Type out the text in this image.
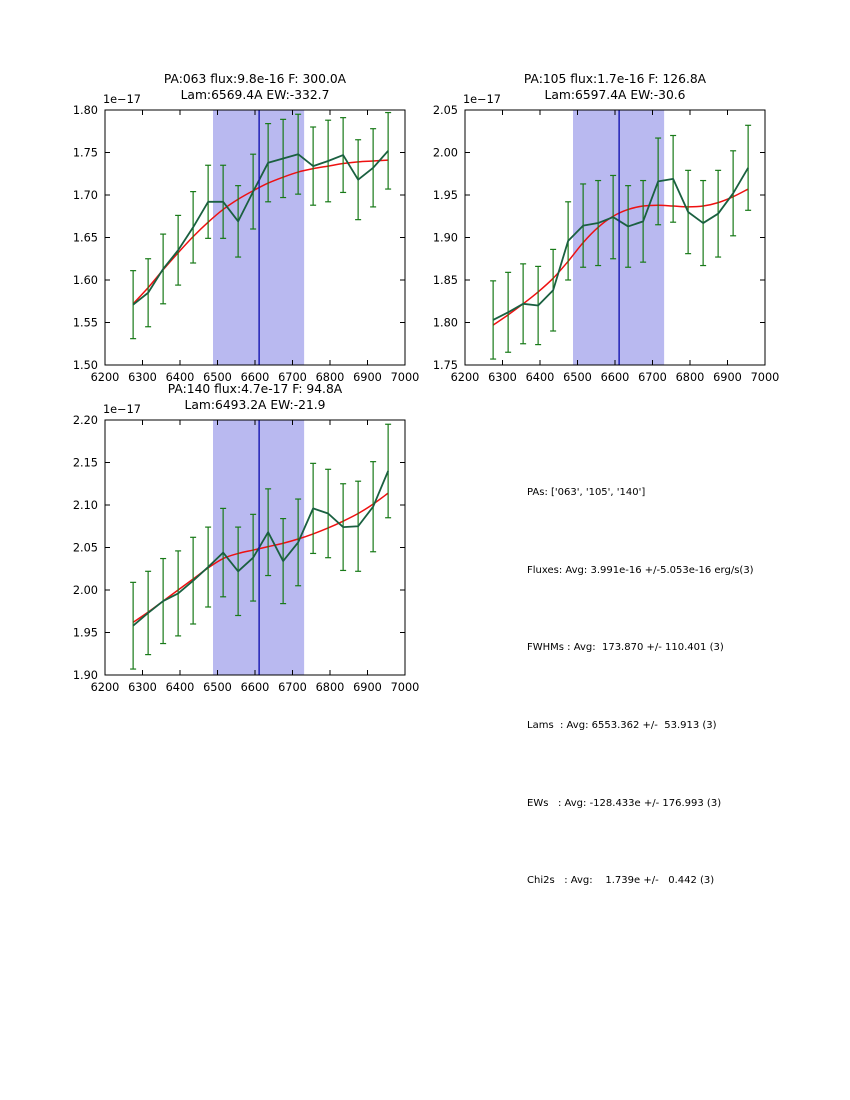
6200 6300 6400 6500 6600 6700 6800 6900 7000
1.50
1.55
1.60
1.65
1.70
1.75
1.80
PA:063 flux:9.8e-16 F: 300.0A
Lam:6569.4A EW:-332.7
1e−17
6200 6300 6400 6500 6600 6700 6800 6900 7000
1.75
1.80
1.85
1.90
1.95
2.00
2.05
PA:105 flux:1.7e-16 F: 126.8A
Lam:6597.4A EW:-30.6
1e−17
6200 6300 6400 6500 6600 6700 6800 6900 7000
1.90
1.95
2.00
2.05
2.10
2.15
2.20
PA:140 flux:4.7e-17 F: 94.8A
Lam:6493.2A EW:-21.9
1e−17

PAs: ['063', '105', '140']

Fluxes: Avg: 3.991e-16 +/-5.053e-16 erg/s(3)

FWHMs : Avg:  173.870 +/- 110.401 (3)

Lams  : Avg: 6553.362 +/-  53.913 (3)

EWs   : Avg: -128.433e +/- 176.993 (3)

Chi2s   : Avg:    1.739e +/-   0.442 (3)
